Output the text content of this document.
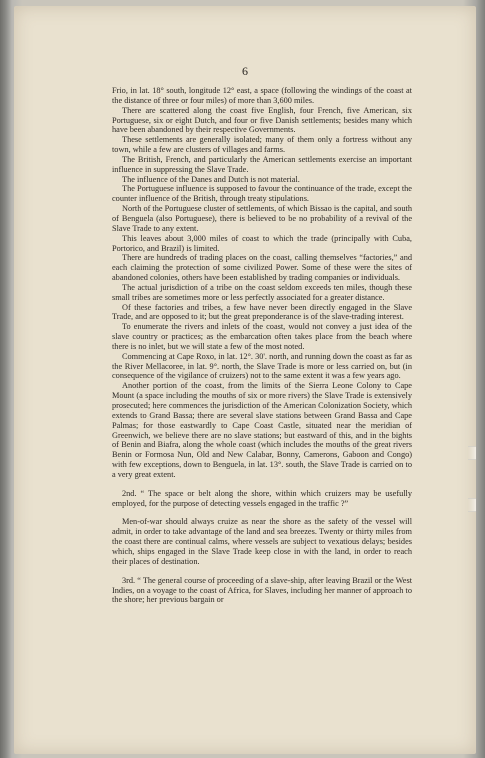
6

Frio, in lat. 18° south, longitude 12° east, a space (following the windings of the coast at the distance of three or four miles) of more than 3,600 miles.

There are scattered along the coast five English, four French, five American, six Portuguese, six or eight Dutch, and four or five Danish settlements; besides many which have been abandoned by their respective Governments.

These settlements are generally isolated; many of them only a fortress without any town, while a few are clusters of villages and farms.

The British, French, and particularly the American settlements exercise an important influence in suppressing the Slave Trade.

The influence of the Danes and Dutch is not material.

The Portuguese influence is supposed to favour the continuance of the trade, except the counter influence of the British, through treaty stipulations.

North of the Portuguese cluster of settlements, of which Bissao is the capital, and south of Benguela (also Portuguese), there is believed to be no probability of a revival of the Slave Trade to any extent.

This leaves about 3,000 miles of coast to which the trade (principally with Cuba, Portorico, and Brazil) is limited.

There are hundreds of trading places on the coast, calling themselves “factories,” and each claiming the protection of some civilized Power. Some of these were the sites of abandoned colonies, others have been established by trading companies or individuals.

The actual jurisdiction of a tribe on the coast seldom exceeds ten miles, though these small tribes are sometimes more or less perfectly associated for a greater distance.

Of these factories and tribes, a few have never been directly engaged in the Slave Trade, and are opposed to it; but the great preponderance is of the slave-trading interest.

To enumerate the rivers and inlets of the coast, would not convey a just idea of the slave country or practices; as the embarcation often takes place from the beach where there is no inlet, but we will state a few of the most noted.

Commencing at Cape Roxo, in lat. 12°. 30'. north, and running down the coast as far as the River Mellacoree, in lat. 9°. north, the Slave Trade is more or less carried on, but (in consequence of the vigilance of cruizers) not to the same extent it was a few years ago.

Another portion of the coast, from the limits of the Sierra Leone Colony to Cape Mount (a space including the mouths of six or more rivers) the Slave Trade is extensively prosecuted; here commences the jurisdiction of the American Colonization Society, which extends to Grand Bassa; there are several slave stations between Grand Bassa and Cape Palmas; for those eastwardly to Cape Coast Castle, situated near the meridian of Greenwich, we believe there are no slave stations; but eastward of this, and in the bights of Benin and Biafra, along the whole coast (which includes the mouths of the great rivers Benin or Formosa Nun, Old and New Calabar, Bonny, Camerons, Gaboon and Congo) with few exceptions, down to Benguela, in lat. 13°. south, the Slave Trade is carried on to a very great extent.

2nd. “ The space or belt along the shore, within which cruizers may be usefully employed, for the purpose of detecting vessels engaged in the traffic ?”

Men-of-war should always cruize as near the shore as the safety of the vessel will admit, in order to take advantage of the land and sea breezes. Twenty or thirty miles from the coast there are continual calms, where vessels are subject to vexatious delays; besides which, ships engaged in the Slave Trade keep close in with the land, in order to reach their places of destination.

3rd. “ The general course of proceeding of a slave-ship, after leaving Brazil or the West Indies, on a voyage to the coast of Africa, for Slaves, including her manner of approach to the shore; her previous bargain or
